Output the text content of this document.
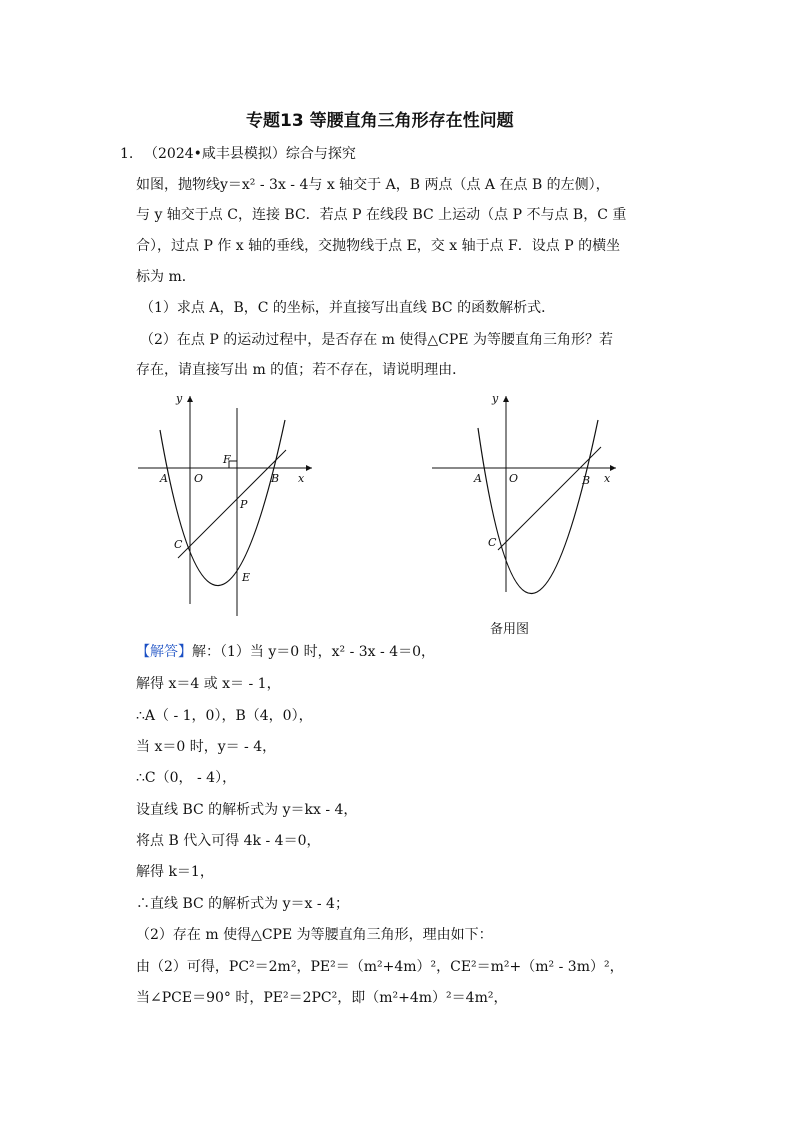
专题13 等腰直角三角形存在性问题
1. （2024•咸丰县模拟）综合与探究
如图，抛物线y＝x² - 3x - 4与 x 轴交于 A，B 两点（点 A 在点 B 的左侧），
与 y 轴交于点 C，连接 BC．若点 P 在线段 BC 上运动（点 P 不与点 B，C 重
合），过点 P 作 x 轴的垂线，交抛物线于点 E，交 x 轴于点 F．设点 P 的横坐
标为 m．
（1）求点 A，B，C 的坐标，并直接写出直线 BC 的函数解析式．
（2）在点 P 的运动过程中，是否存在 m 使得△CPE 为等腰直角三角形？若
存在，请直接写出 m 的值；若不存在，请说明理由．
y
x
A O	B
F
P
C
E
y
x
A O	B
C
备用图
【解答】解：（1）当 y＝0 时，x² - 3x - 4＝0，
解得 x＝4 或 x＝ - 1，
∴A（ - 1，0），B（4，0），
当 x＝0 时，y＝ - 4，
∴C（0， - 4），
设直线 BC 的解析式为 y＝kx - 4，
将点 B 代入可得 4k - 4＝0，
解得 k＝1，
∴直线 BC 的解析式为 y＝x - 4；
（2）存在 m 使得△CPE 为等腰直角三角形，理由如下：
由（2）可得，PC²＝2m²，PE²＝（m²+4m）²，CE²＝m²+（m² - 3m）²，
当∠PCE＝90° 时，PE²＝2PC²，即（m²+4m）²＝4m²，
